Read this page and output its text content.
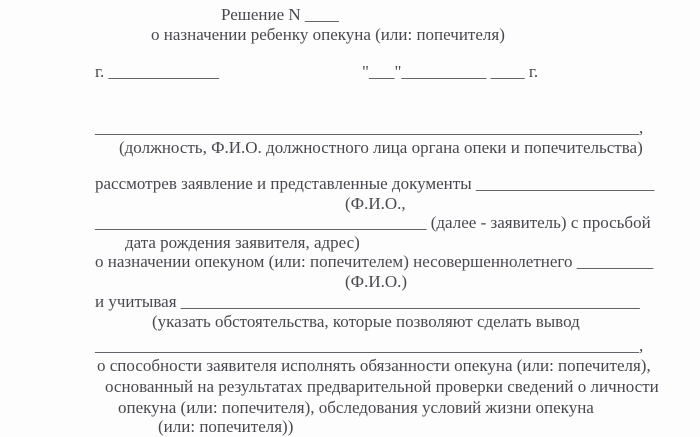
Решение N ____
о назначении ребенку опекуна (или: попечителя)
г. _____________	"___"__________ ____ г.
________________________________________________________________,
(должность, Ф.И.О. должностного лица органа опеки и попечительства)
рассмотрев заявление и представленные документы _____________________
(Ф.И.О.,
_______________________________________ (далее - заявитель) с просьбой
дата рождения заявителя, адрес)
о назначении опекуном (или: попечителем) несовершеннолетнего _________
(Ф.И.О.)
и учитывая ______________________________________________________
(указать обстоятельства, которые позволяют сделать вывод
________________________________________________________________,
о способности заявителя исполнять обязанности опекуна (или: попечителя),
основанный на результатах предварительной проверки сведений о личности
опекуна (или: попечителя), обследования условий жизни опекуна
(или: попечителя))
